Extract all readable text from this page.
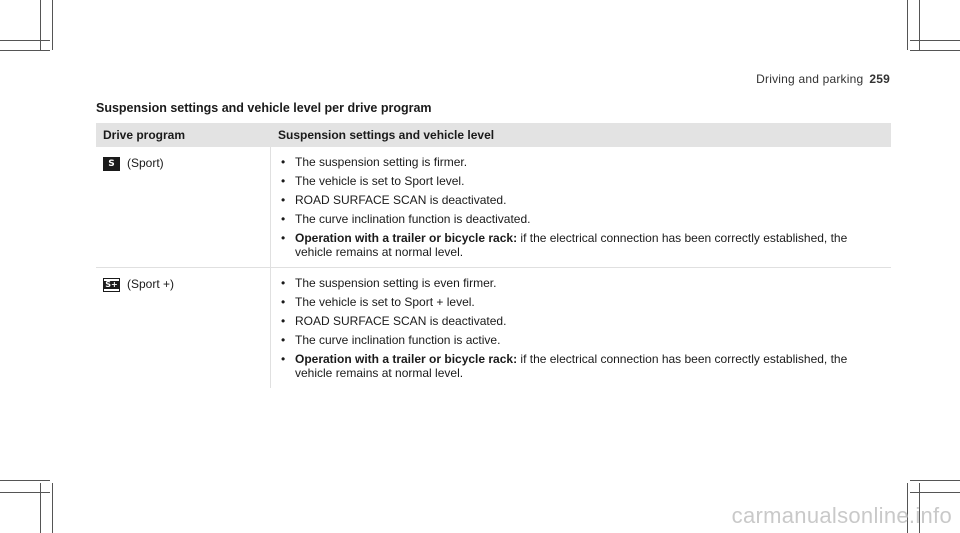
Driving and parking 259
Suspension settings and vehicle level per drive program
Drive program	Suspension settings and vehicle level
S	(Sport)	• The suspension setting is firmer.
• The vehicle is set to Sport level.
• ROAD SURFACE SCAN is deactivated.
• The curve inclination function is deactivated.
• Operation with a trailer or bicycle rack: if the electrical connection has been correctly established, the vehicle remains at normal level.
S+ (Sport +)	• The suspension setting is even firmer.
• The vehicle is set to Sport + level.
• ROAD SURFACE SCAN is deactivated.
• The curve inclination function is active.
• Operation with a trailer or bicycle rack: if the electrical connection has been correctly established, the vehicle remains at normal level.
carmanualsonline.info
